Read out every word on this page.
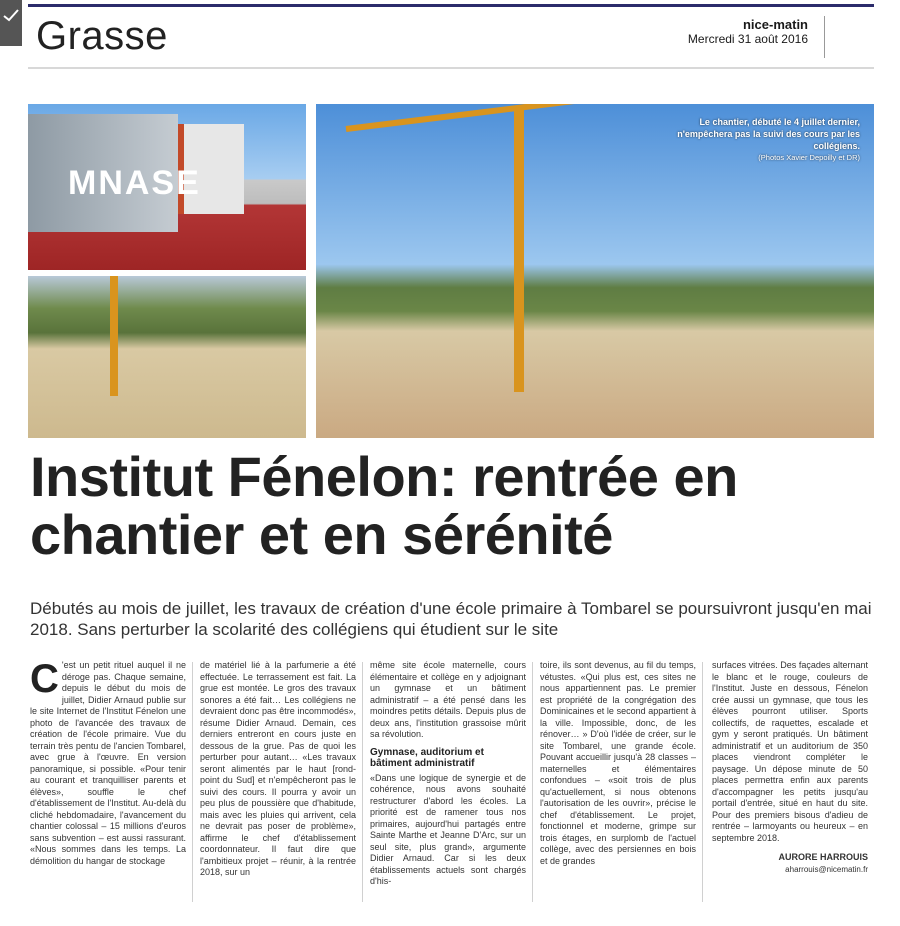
Grasse	nice-matin
Mercredi 31 août 2016
MNASE
Le chantier, débuté le 4 juillet dernier, n'empêchera pas la suivi des cours par les collégiens.
(Photos Xavier Depoilly et DR)
Institut Fénelon: rentrée en chantier et en sérénité

Débutés au mois de juillet, les travaux de création d'une école primaire à Tombarel se poursuivront jusqu'en mai 2018. Sans perturber la scolarité des collégiens qui étudient sur le site

C 'est un petit rituel auquel il ne déroge pas. Chaque semaine, depuis le début du mois de juillet, Didier Arnaud publie sur le site Internet de l'Institut Fénelon une photo de l'avancée des travaux de création de l'école primaire. Vue du terrain très pentu de l'ancien Tombarel, avec grue à l'œuvre. En version panoramique, si possible. «Pour tenir au courant et tranquilliser parents et élèves», souffle le chef d'établissement de l'Institut. Au-delà du cliché hebdomadaire, l'avancement du chantier colossal – 15 millions d'euros sans subvention – est aussi rassurant. «Nous sommes dans les temps. La démolition du hangar de stockage

de matériel lié à la parfumerie a été effectuée. Le terrassement est fait. La grue est montée. Le gros des travaux sonores a été fait… Les collégiens ne devraient donc pas être incommodés», résume Didier Arnaud. Demain, ces derniers entreront en cours juste en dessous de la grue. Pas de quoi les perturber pour autant… «Les travaux seront alimentés par le haut [rond-point du Sud] et n'empêcheront pas le suivi des cours. Il pourra y avoir un peu plus de poussière que d'habitude, mais avec les pluies qui arrivent, cela ne devrait pas poser de problème», affirme le chef d'établissement coordonnateur. Il faut dire que l'ambitieux projet – réunir, à la rentrée 2018, sur un

même site école maternelle, cours élémentaire et collège en y adjoignant un gymnase et un bâtiment administratif – a été pensé dans les moindres petits détails. Depuis plus de deux ans, l'institution grassoise mûrit sa révolution.

Gymnase, auditorium et bâtiment administratif

«Dans une logique de synergie et de cohérence, nous avons souhaité restructurer d'abord les écoles. La priorité est de ramener tous nos primaires, aujourd'hui partagés entre Sainte Marthe et Jeanne D'Arc, sur un seul site, plus grand», argumente Didier Arnaud. Car si les deux établissements actuels sont chargés d'his-

toire, ils sont devenus, au fil du temps, vétustes. «Qui plus est, ces sites ne nous appartiennent pas. Le premier est propriété de la congrégation des Dominicaines et le second appartient à la ville. Impossible, donc, de les rénover… » D'où l'idée de créer, sur le site Tombarel, une grande école. Pouvant accueillir jusqu'à 28 classes – maternelles et élémentaires confondues – «soit trois de plus qu'actuellement, si nous obtenons l'autorisation de les ouvrir», précise le chef d'établissement. Le projet, fonctionnel et moderne, grimpe sur trois étages, en surplomb de l'actuel collège, avec des persiennes en bois et de grandes

surfaces vitrées. Des façades alternant le blanc et le rouge, couleurs de l'Institut. Juste en dessous, Fénelon crée aussi un gymnase, que tous les élèves pourront utiliser. Sports collectifs, de raquettes, escalade et gym y seront pratiqués. Un bâtiment administratif et un auditorium de 350 places viendront compléter le paysage. Un dépose minute de 50 places permettra enfin aux parents d'accompagner les petits jusqu'au portail d'entrée, situé en haut du site. Pour des premiers bisous d'adieu de rentrée – larmoyants ou heureux – en septembre 2018.

AURORE HARROUIS
aharrouis@nicematin.fr
